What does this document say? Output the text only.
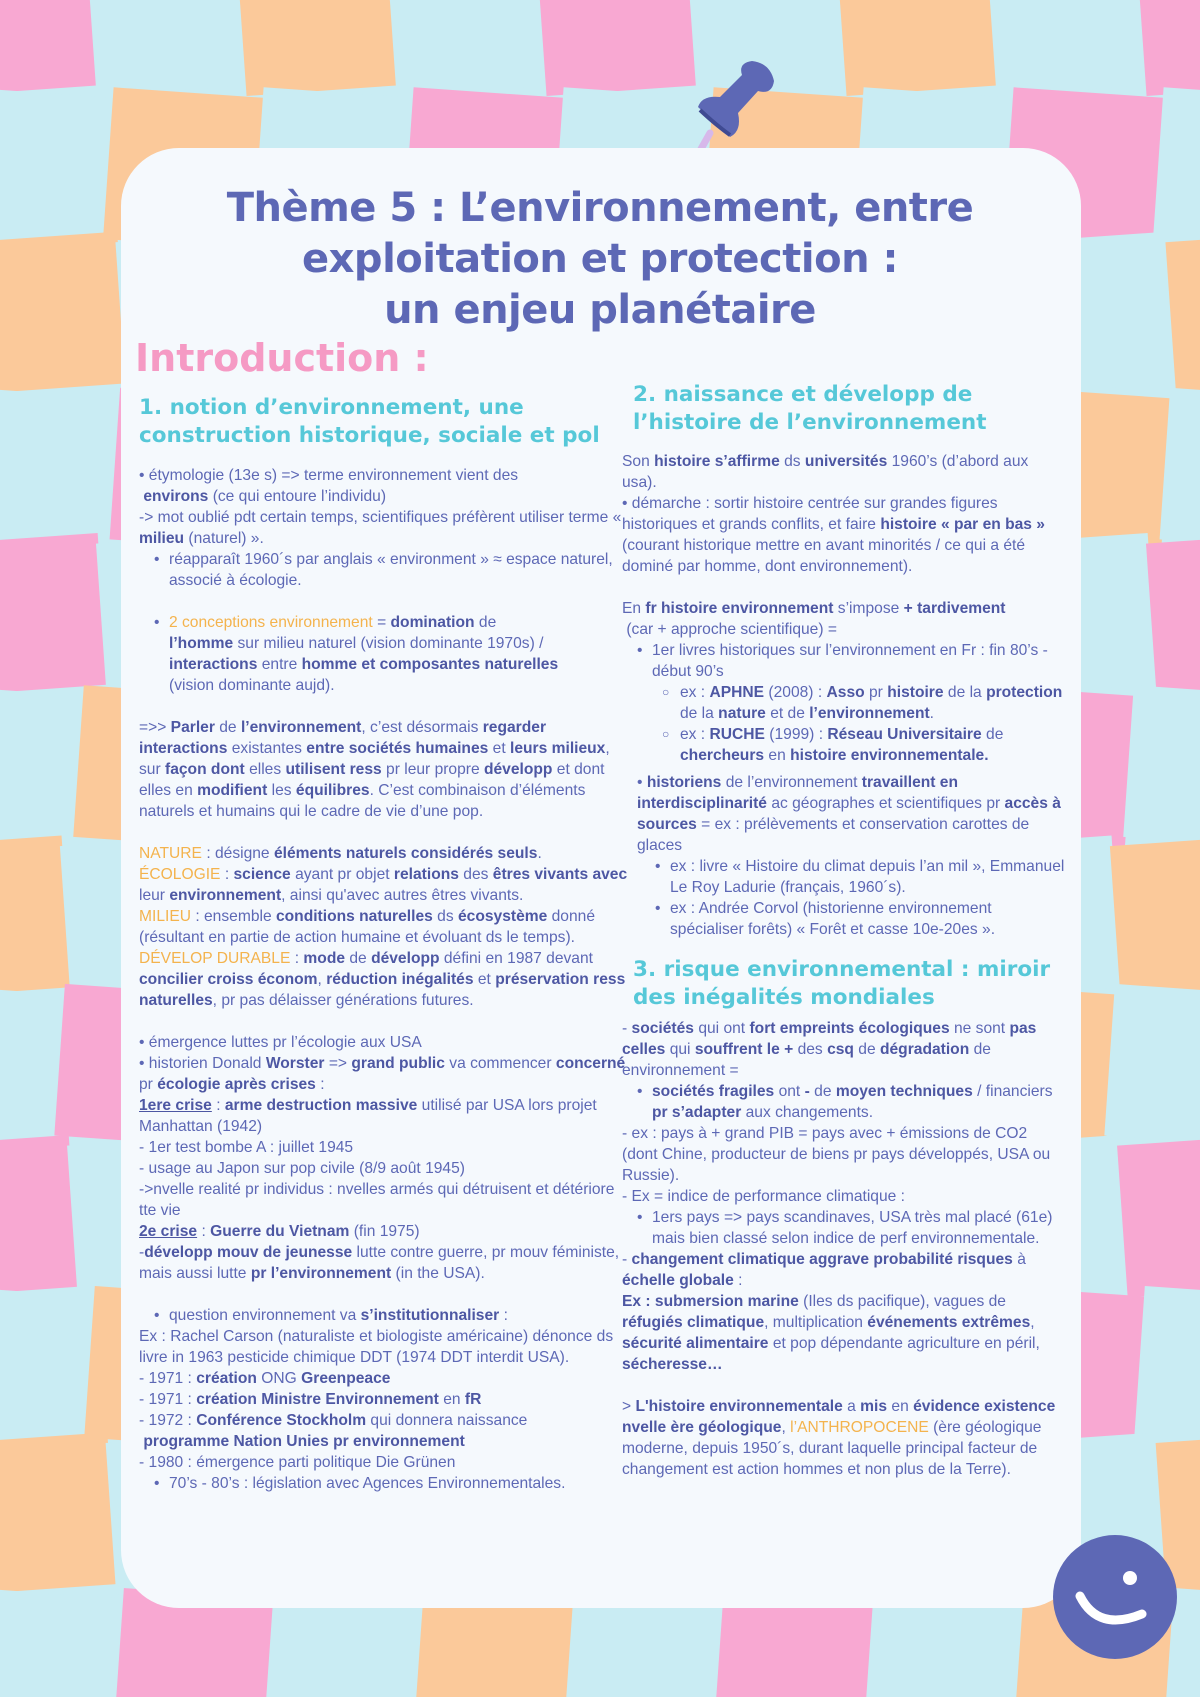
Thème 5 : L’environnement, entre
exploitation et protection :
un enjeu planétaire
Introduction :
1. notion d’environnement, une construction historique, sociale et pol

• étymologie (13e s) => terme environnement vient des
environs (ce qui entoure l’individu)

-> mot oublié pdt certain temps, scientifiques préfèrent utiliser terme « milieu (naturel) ».

• réapparaît 1960´s par anglais « environment » ≈ espace naturel, associé à écologie.

• 2 conceptions environnement = domination de
l’homme sur milieu naturel (vision dominante 1970s) /
interactions entre homme et composantes naturelles
(vision dominante aujd).

=>> Parler de l’environnement, c’est désormais regarder interactions existantes entre sociétés humaines et leurs milieux, sur façon dont elles utilisent ress pr leur propre développ et dont elles en modifient les équilibres. C’est combinaison d’éléments naturels et humains qui le cadre de vie d’une pop.

NATURE : désigne éléments naturels considérés seuls.

ÉCOLOGIE : science ayant pr objet relations des êtres vivants avec leur environnement, ainsi qu'avec autres êtres vivants.

MILIEU : ensemble conditions naturelles ds écosystème donné (résultant en partie de action humaine et évoluant ds le temps).

DÉVELOP DURABLE : mode de développ défini en 1987 devant concilier croiss économ, réduction inégalités et préservation ress naturelles, pr pas délaisser générations futures.

• émergence luttes pr l’écologie aux USA

• historien Donald Worster => grand public va commencer concerné pr écologie après crises :

1ere crise : arme destruction massive utilisé par USA lors projet Manhattan (1942)

- 1er test bombe A : juillet 1945

- usage au Japon sur pop civile (8/9 août 1945)

->nvelle realité pr individus : nvelles armés qui détruisent et détériore tte vie

2e crise : Guerre du Vietnam (fin 1975)

-développ mouv de jeunesse lutte contre guerre, pr mouv féministe, mais aussi lutte pr l’environnement (in the USA).

• question environnement va s’institutionnaliser :

Ex : Rachel Carson (naturaliste et biologiste américaine) dénonce ds livre in 1963 pesticide chimique DDT (1974 DDT interdit USA).

- 1971 : création ONG Greenpeace

- 1971 : création Ministre Environnement en fR

- 1972 : Conférence Stockholm qui donnera naissance
programme Nation Unies pr environnement

- 1980 : émergence parti politique Die Grünen

• 70’s - 80’s : législation avec Agences Environnementales.

2. naissance et développ de l’histoire de l’environnement

Son histoire s’affirme ds universités 1960’s (d’abord aux usa).

• démarche : sortir histoire centrée sur grandes figures historiques et grands conflits, et faire histoire « par en bas » (courant historique mettre en avant minorités / ce qui a été dominé par homme, dont environnement).

En fr histoire environnement s’impose + tardivement
(car + approche scientifique) =

• 1er livres historiques sur l’environnement en Fr : fin 80’s - début 90’s

○ ex : APHNE (2008) : Asso pr histoire de la protection de la nature et de l’environnement.

○ ex : RUCHE (1999) : Réseau Universitaire de chercheurs en histoire environnementale.

• historiens de l’environnement travaillent en interdisciplinarité ac géographes et scientifiques pr accès à sources = ex : prélèvements et conservation carottes de glaces

• ex : livre « Histoire du climat depuis l’an mil », Emmanuel Le Roy Ladurie (français, 1960´s).

• ex : Andrée Corvol (historienne environnement spécialiser forêts) « Forêt et casse 10e-20es ».

3. risque environnemental : miroir des inégalités mondiales

- sociétés qui ont fort empreints écologiques ne sont pas celles qui souffrent le + des csq de dégradation de environnement =

• sociétés fragiles ont - de moyen techniques / financiers pr s’adapter aux changements.

- ex : pays à + grand PIB = pays avec + émissions de CO2 (dont Chine, producteur de biens pr pays développés, USA ou Russie).

- Ex = indice de performance climatique :

• 1ers pays => pays scandinaves, USA très mal placé (61e) mais bien classé selon indice de perf environnementale.

- changement climatique aggrave probabilité risques à échelle globale :

Ex : submersion marine (Iles ds pacifique), vagues de réfugiés climatique, multiplication événements extrêmes, sécurité alimentaire et pop dépendante agriculture en péril, sécheresse…

> L'histoire environnementale a mis en évidence existence nvelle ère géologique, l’ANTHROPOCENE (ère géologique moderne, depuis 1950´s, durant laquelle principal facteur de changement est action hommes et non plus de la Terre).
